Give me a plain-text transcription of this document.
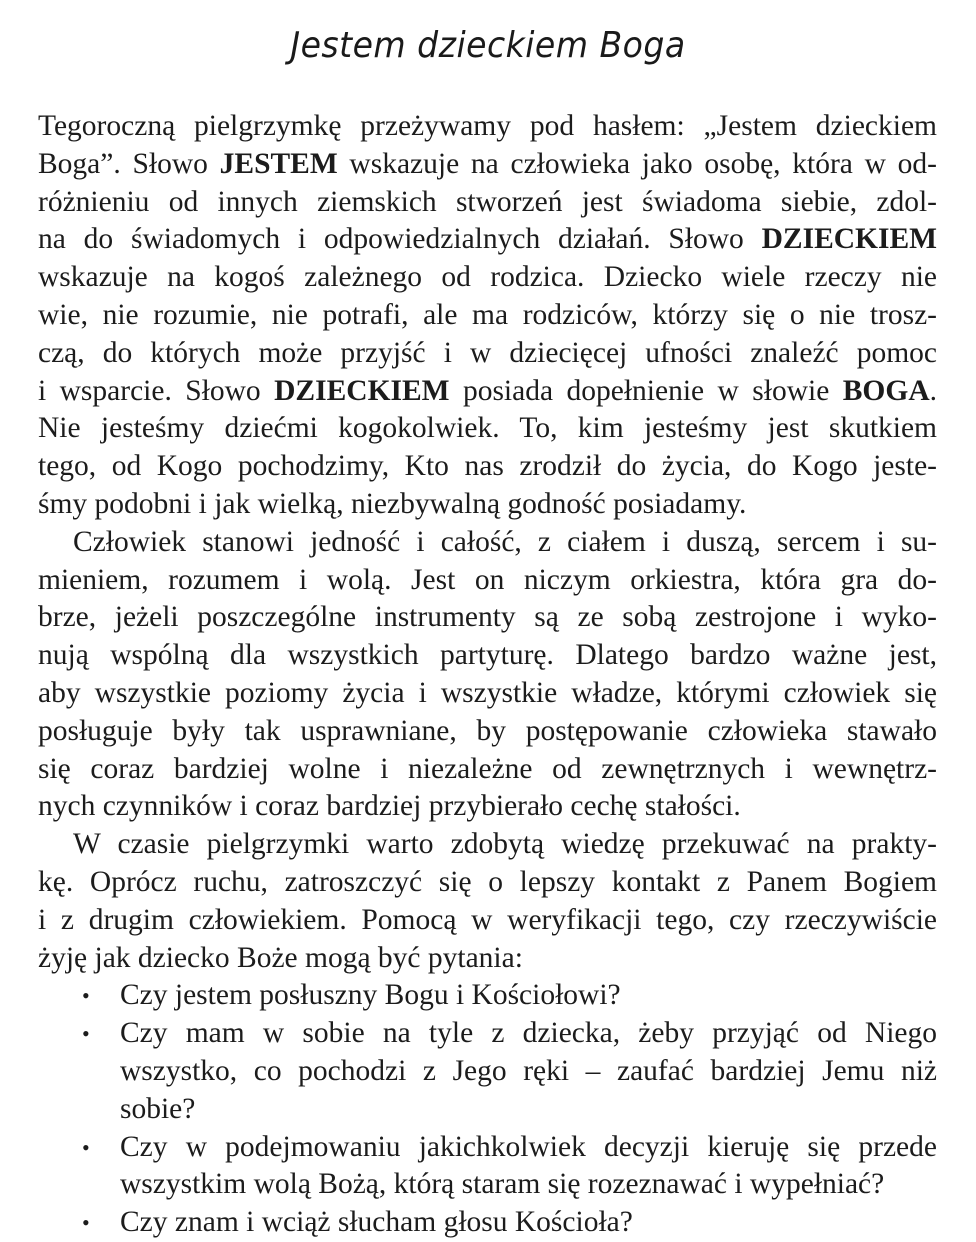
Jestem dzieckiem Boga
Tegoroczną pielgrzymkę przeżywamy pod hasłem: „Jestem dzieckiem
Boga”. Słowo JESTEM wskazuje na człowieka jako osobę, która w od-
różnieniu od innych ziemskich stworzeń jest świadoma siebie, zdol-
na do świadomych i odpowiedzialnych działań. Słowo DZIECKIEM
wskazuje na kogoś zależnego od rodzica. Dziecko wiele rzeczy nie
wie, nie rozumie, nie potrafi, ale ma rodziców, którzy się o nie trosz-
czą, do których może przyjść i w dziecięcej ufności znaleźć pomoc
i wsparcie. Słowo DZIECKIEM posiada dopełnienie w słowie BOGA.
Nie jesteśmy dziećmi kogokolwiek. To, kim jesteśmy jest skutkiem
tego, od Kogo pochodzimy, Kto nas zrodził do życia, do Kogo jeste-
śmy podobni i jak wielką, niezbywalną godność posiadamy.
Człowiek stanowi jedność i całość, z ciałem i duszą, sercem i su-
mieniem, rozumem i wolą. Jest on niczym orkiestra, która gra do-
brze, jeżeli poszczególne instrumenty są ze sobą zestrojone i wyko-
nują wspólną dla wszystkich partyturę. Dlatego bardzo ważne jest,
aby wszystkie poziomy życia i wszystkie władze, którymi człowiek się
posługuje były tak usprawniane, by postępowanie człowieka stawało
się coraz bardziej wolne i niezależne od zewnętrznych i wewnętrz-
nych czynników i coraz bardziej przybierało cechę stałości.
W czasie pielgrzymki warto zdobytą wiedzę przekuwać na prakty-
kę. Oprócz ruchu, zatroszczyć się o lepszy kontakt z Panem Bogiem
i z drugim człowiekiem. Pomocą w weryfikacji tego, czy rzeczywiście
żyję jak dziecko Boże mogą być pytania:
• Czy jestem posłuszny Bogu i Kościołowi?
• Czy mam w sobie na tyle z dziecka, żeby przyjąć od Niego
wszystko, co pochodzi z Jego ręki – zaufać bardziej Jemu niż
sobie?
• Czy w podejmowaniu jakichkolwiek decyzji kieruję się przede
wszystkim wolą Bożą, którą staram się rozeznawać i wypełniać?
• Czy znam i wciąż słucham głosu Kościoła?
